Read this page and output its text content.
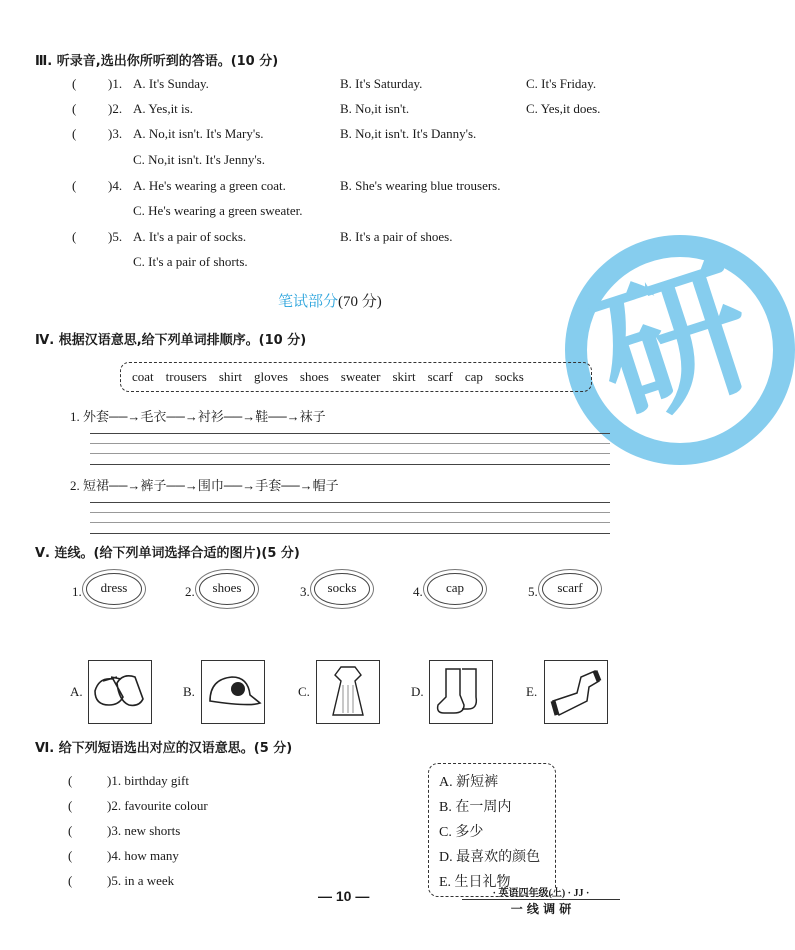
研
Ⅲ. 听录音,选出你所听到的答语。(10 分)
( )1. A. It's Sunday.	B. It's Saturday.	C. It's Friday.
( )2. A. Yes,it is.	B. No,it isn't.	C. Yes,it does.
( )3. A. No,it isn't. It's Mary's.	B. No,it isn't. It's Danny's.
C. No,it isn't. It's Jenny's.
( )4. A. He's wearing a green coat.	B. She's wearing blue trousers.
C. He's wearing a green sweater.
( )5. A. It's a pair of socks.	B. It's a pair of shoes.
C. It's a pair of shorts.
笔试部分(70 分)
Ⅳ. 根据汉语意思,给下列单词排顺序。(10 分)
coat trousers shirt gloves shoes sweater skirt scarf cap socks
1. 外套──→毛衣──→衬衫──→鞋──→袜子
2. 短裙──→裤子──→围巾──→手套──→帽子
Ⅴ. 连线。(给下列单词选择合适的图片)(5 分)
1.	dress	2.	shoes	3.	socks	4.	cap	5.	scarf
A.	B.	C.	D.	E.
Ⅵ. 给下列短语选出对应的汉语意思。(5 分)
(	)1. birthday gift
(	)2. favourite colour
(	)3. new shorts
(	)4. how many
(	)5. in a week
A. 新短裤
B. 在一周内
C. 多少
D. 最喜欢的颜色
E. 生日礼物
— 10 —	· 英语四年级(上) · JJ ·
一 线 调 研
